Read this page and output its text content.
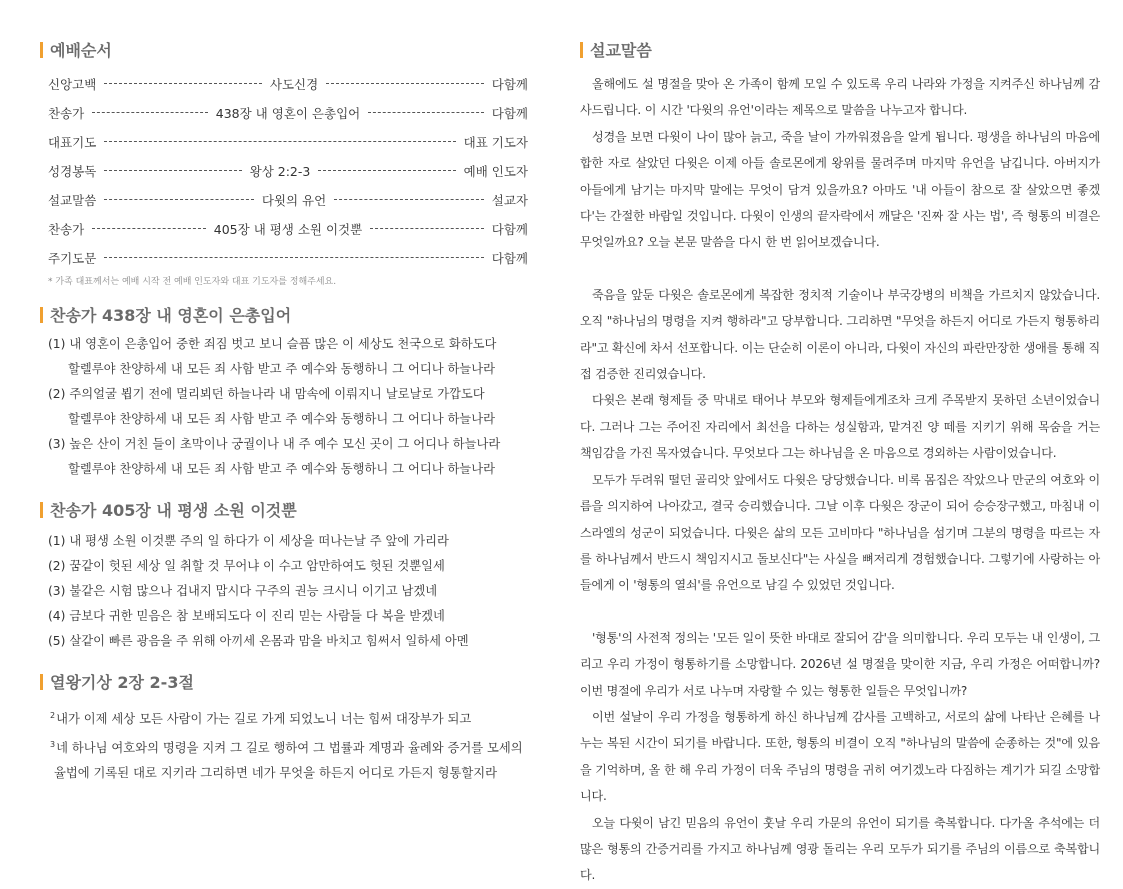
예배순서
신앙고백	사도신경	다함께
찬송가	438장 내 영혼이 은총입어	다함께
대표기도	대표 기도자
성경봉독	왕상 2:2-3	예배 인도자
설교말씀	다윗의 유언	설교자
찬송가	405장 내 평생 소원 이것뿐	다함께
주기도문	다함께
* 가족 대표께서는 예배 시작 전 예배 인도자와 대표 기도자를 정해주세요.
찬송가 438장 내 영혼이 은총입어
(1) 내 영혼이 은총입어 중한 죄짐 벗고 보니 슬픔 많은 이 세상도 천국으로 화하도다
할렐루야 찬양하세 내 모든 죄 사함 받고 주 예수와 동행하니 그 어디나 하늘나라
(2) 주의얼굴 뵙기 전에 멀리뵈던 하늘나라 내 맘속에 이뤄지니 날로날로 가깝도다
할렐루야 찬양하세 내 모든 죄 사함 받고 주 예수와 동행하니 그 어디나 하늘나라
(3) 높은 산이 거친 들이 초막이나 궁궐이나 내 주 예수 모신 곳이 그 어디나 하늘나라
할렐루야 찬양하세 내 모든 죄 사함 받고 주 예수와 동행하니 그 어디나 하늘나라
찬송가 405장 내 평생 소원 이것뿐
(1) 내 평생 소원 이것뿐 주의 일 하다가 이 세상을 떠나는날 주 앞에 가리라
(2) 꿈같이 헛된 세상 일 취할 것 무어냐 이 수고 암만하여도 헛된 것뿐일세
(3) 불같은 시험 많으나 겁내지 맙시다 구주의 권능 크시니 이기고 남겠네
(4) 금보다 귀한 믿음은 참 보배되도다 이 진리 믿는 사람들 다 복을 받겠네
(5) 살같이 빠른 광음을 주 위해 아끼세 온몸과 맘을 바치고 힘써서 일하세 아멘
열왕기상 2장 2-3절
$^2$내가 이제 세상 모든 사람이 가는 길로 가게 되었노니 너는 힘써 대장부가 되고
$^3$네 하나님 여호와의 명령을 지켜 그 길로 행하여 그 법률과 계명과 율례와 증거를 모세의
율법에 기록된 대로 지키라 그리하면 네가 무엇을 하든지 어디로 가든지 형통할지라
설교말씀

올해에도 설 명절을 맞아 온 가족이 함께 모일 수 있도록 우리 나라와 가정을 지켜주신 하나님께 감사드립니다. 이 시간 '다윗의 유언'이라는 제목으로 말씀을 나누고자 합니다.

성경을 보면 다윗이 나이 많아 늙고, 죽을 날이 가까워졌음을 알게 됩니다. 평생을 하나님의 마음에 합한 자로 살았던 다윗은 이제 아들 솔로몬에게 왕위를 물려주며 마지막 유언을 남깁니다. 아버지가 아들에게 남기는 마지막 말에는 무엇이 담겨 있을까요? 아마도 '내 아들이 참으로 잘 살았으면 좋겠다'는 간절한 바람일 것입니다. 다윗이 인생의 끝자락에서 깨달은 '진짜 잘 사는 법', 즉 형통의 비결은 무엇일까요? 오늘 본문 말씀을 다시 한 번 읽어보겠습니다.

죽음을 앞둔 다윗은 솔로몬에게 복잡한 정치적 기술이나 부국강병의 비책을 가르치지 않았습니다. 오직 "하나님의 명령을 지켜 행하라"고 당부합니다. 그리하면 "무엇을 하든지 어디로 가든지 형통하리라"고 확신에 차서 선포합니다. 이는 단순히 이론이 아니라, 다윗이 자신의 파란만장한 생애를 통해 직접 검증한 진리였습니다.

다윗은 본래 형제들 중 막내로 태어나 부모와 형제들에게조차 크게 주목받지 못하던 소년이었습니다. 그러나 그는 주어진 자리에서 최선을 다하는 성실함과, 맡겨진 양 떼를 지키기 위해 목숨을 거는 책임감을 가진 목자였습니다. 무엇보다 그는 하나님을 온 마음으로 경외하는 사람이었습니다.

모두가 두려워 떨던 골리앗 앞에서도 다윗은 당당했습니다. 비록 몸집은 작았으나 만군의 여호와 이름을 의지하여 나아갔고, 결국 승리했습니다. 그날 이후 다윗은 장군이 되어 승승장구했고, 마침내 이스라엘의 성군이 되었습니다. 다윗은 삶의 모든 고비마다 "하나님을 섬기며 그분의 명령을 따르는 자를 하나님께서 반드시 책임지시고 돌보신다"는 사실을 뼈저리게 경험했습니다. 그렇기에 사랑하는 아들에게 이 '형통의 열쇠'를 유언으로 남길 수 있었던 것입니다.

'형통'의 사전적 정의는 '모든 일이 뜻한 바대로 잘되어 감'을 의미합니다. 우리 모두는 내 인생이, 그리고 우리 가정이 형통하기를 소망합니다. 2026년 설 명절을 맞이한 지금, 우리 가정은 어떠합니까? 이번 명절에 우리가 서로 나누며 자랑할 수 있는 형통한 일들은 무엇입니까?

이번 설날이 우리 가정을 형통하게 하신 하나님께 감사를 고백하고, 서로의 삶에 나타난 은혜를 나누는 복된 시간이 되기를 바랍니다. 또한, 형통의 비결이 오직 "하나님의 말씀에 순종하는 것"에 있음을 기억하며, 올 한 해 우리 가정이 더욱 주님의 명령을 귀히 여기겠노라 다짐하는 계기가 되길 소망합니다.

오늘 다윗이 남긴 믿음의 유언이 훗날 우리 가문의 유언이 되기를 축복합니다. 다가올 추석에는 더 많은 형통의 간증거리를 가지고 하나님께 영광 돌리는 우리 모두가 되기를 주님의 이름으로 축복합니다.
